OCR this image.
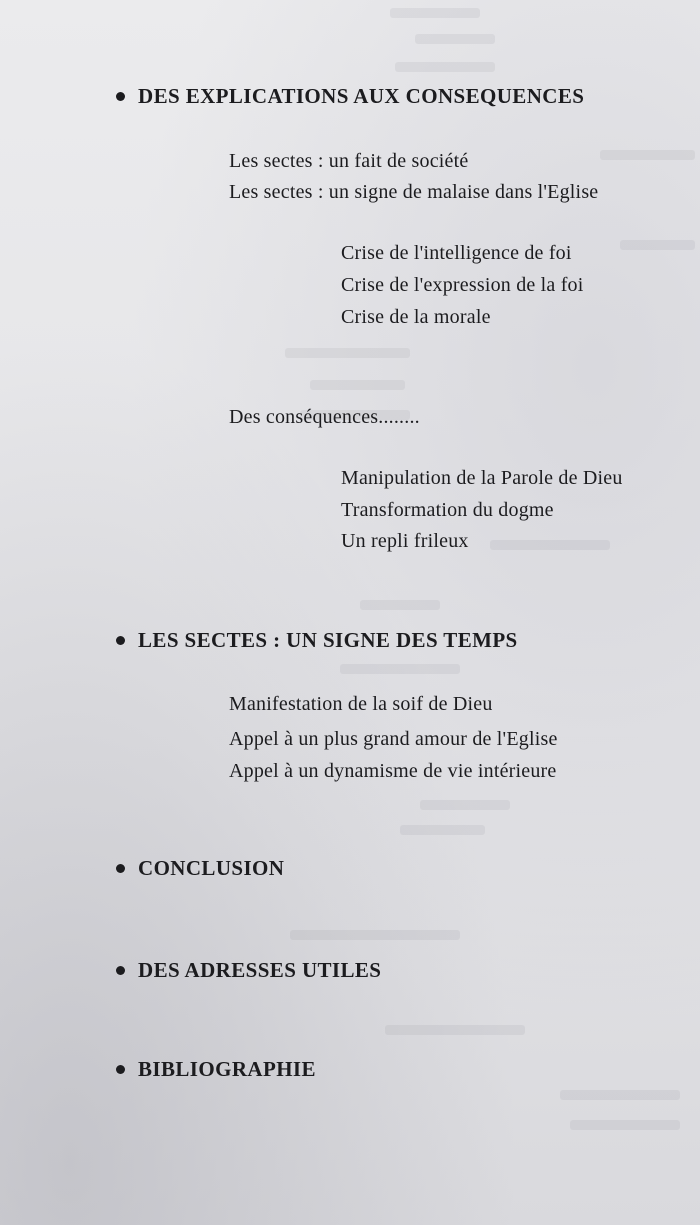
DES EXPLICATIONS AUX CONSEQUENCES
Les sectes : un fait de société
Les sectes : un signe de malaise dans l'Eglise
Crise de l'intelligence de foi
Crise de l'expression de la foi
Crise de la morale
Des conséquences........
Manipulation de la Parole de Dieu
Transformation du dogme
Un repli frileux
LES SECTES : UN SIGNE DES TEMPS
Manifestation de la soif de Dieu
Appel à un plus grand amour de l'Eglise
Appel à un dynamisme de vie intérieure
CONCLUSION
DES ADRESSES UTILES
BIBLIOGRAPHIE
